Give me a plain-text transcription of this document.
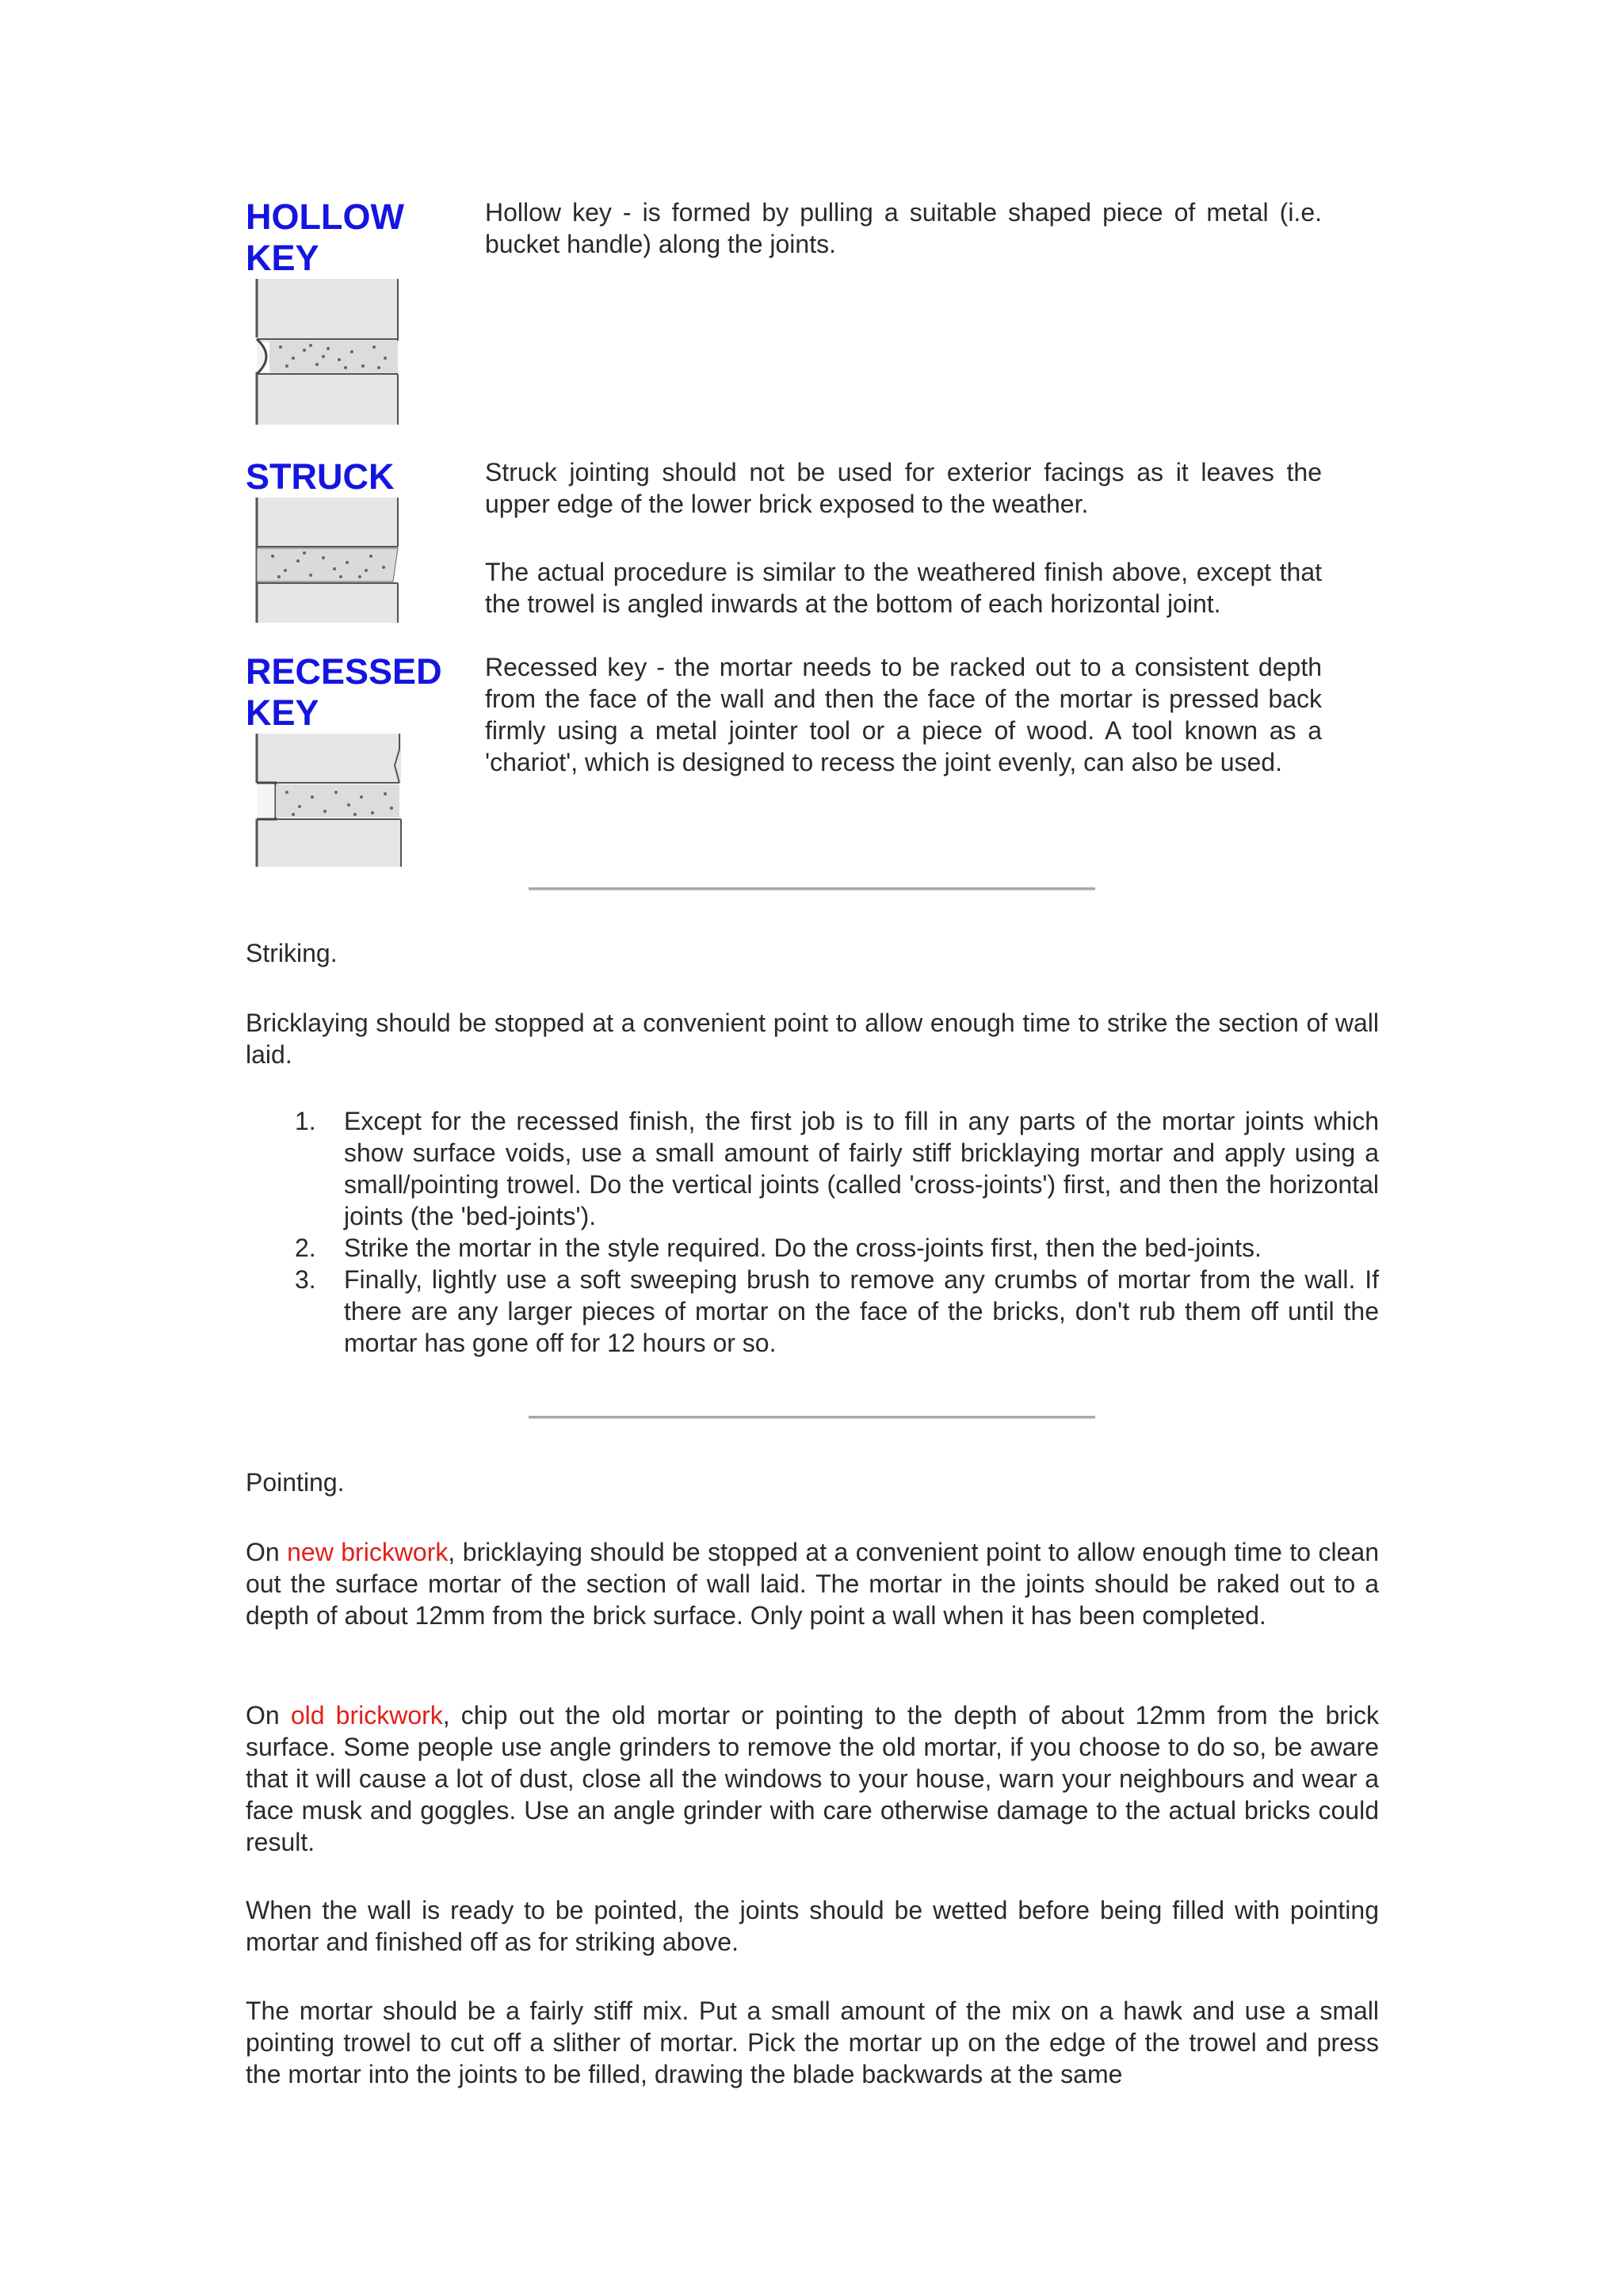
HOLLOW
KEY

Hollow key - is formed by pulling a suitable shaped piece of metal (i.e. bucket handle) along the joints.

STRUCK	Struck jointing should not be used for exterior facings as it leaves the upper edge of the lower brick exposed to the weather.

The actual procedure is similar to the weathered finish above, except that the trowel is angled inwards at the bottom of each horizontal joint.

RECESSED
KEY

Recessed key - the mortar needs to be racked out to a consistent depth from the face of the wall and then the face of the mortar is pressed back firmly using a metal jointer tool or a piece of wood. A tool known as a 'chariot', which is designed to recess the joint evenly, can also be used.

Striking.

Bricklaying should be stopped at a convenient point to allow enough time to strike the section of wall laid.

1. Except for the recessed finish, the first job is to fill in any parts of the mortar joints which show surface voids, use a small amount of fairly stiff bricklaying mortar and apply using a small/pointing trowel. Do the vertical joints (called 'cross-joints') first, and then the horizontal joints (the 'bed-joints').
2. Strike the mortar in the style required. Do the cross-joints first, then the bed-joints.
3. Finally, lightly use a soft sweeping brush to remove any crumbs of mortar from the wall. If there are any larger pieces of mortar on the face of the bricks, don't rub them off until the mortar has gone off for 12 hours or so.

Pointing.

On new brickwork, bricklaying should be stopped at a convenient point to allow enough time to clean out the surface mortar of the section of wall laid. The mortar in the joints should be raked out to a depth of about 12mm from the brick surface. Only point a wall when it has been completed.

On old brickwork, chip out the old mortar or pointing to the depth of about 12mm from the brick surface. Some people use angle grinders to remove the old mortar, if you choose to do so, be aware that it will cause a lot of dust, close all the windows to your house, warn your neighbours and wear a face musk and goggles. Use an angle grinder with care otherwise damage to the actual bricks could result.

When the wall is ready to be pointed, the joints should be wetted before being filled with pointing mortar and finished off as for striking above.

The mortar should be a fairly stiff mix. Put a small amount of the mix on a hawk and use a small pointing trowel to cut off a slither of mortar. Pick the mortar up on the edge of the trowel and press the mortar into the joints to be filled, drawing the blade backwards at the same
